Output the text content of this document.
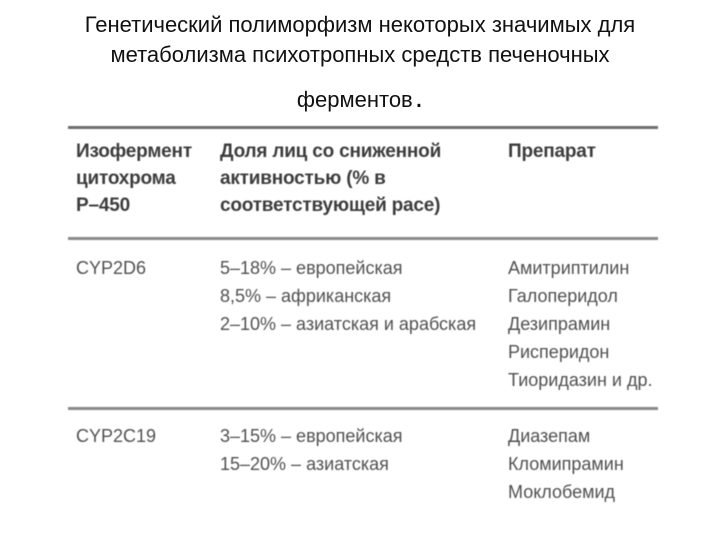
Генетический полиморфизм некоторых значимых для
метаболизма психотропных средств печеночных
ферментов.
Изофермент
цитохрома
Р–450
Доля лиц со сниженной
активностью (% в
соответствующей расе)
Препарат
CYP2D6	5–18% – европейская
8,5% – африканская
2–10% – азиатская и арабская
Амитриптилин
Галоперидол
Дезипрамин
Рисперидон
Тиоридазин и др.
CYP2C19	3–15% – европейская
15–20% – азиатская
Диазепам
Кломипрамин
Моклобемид
